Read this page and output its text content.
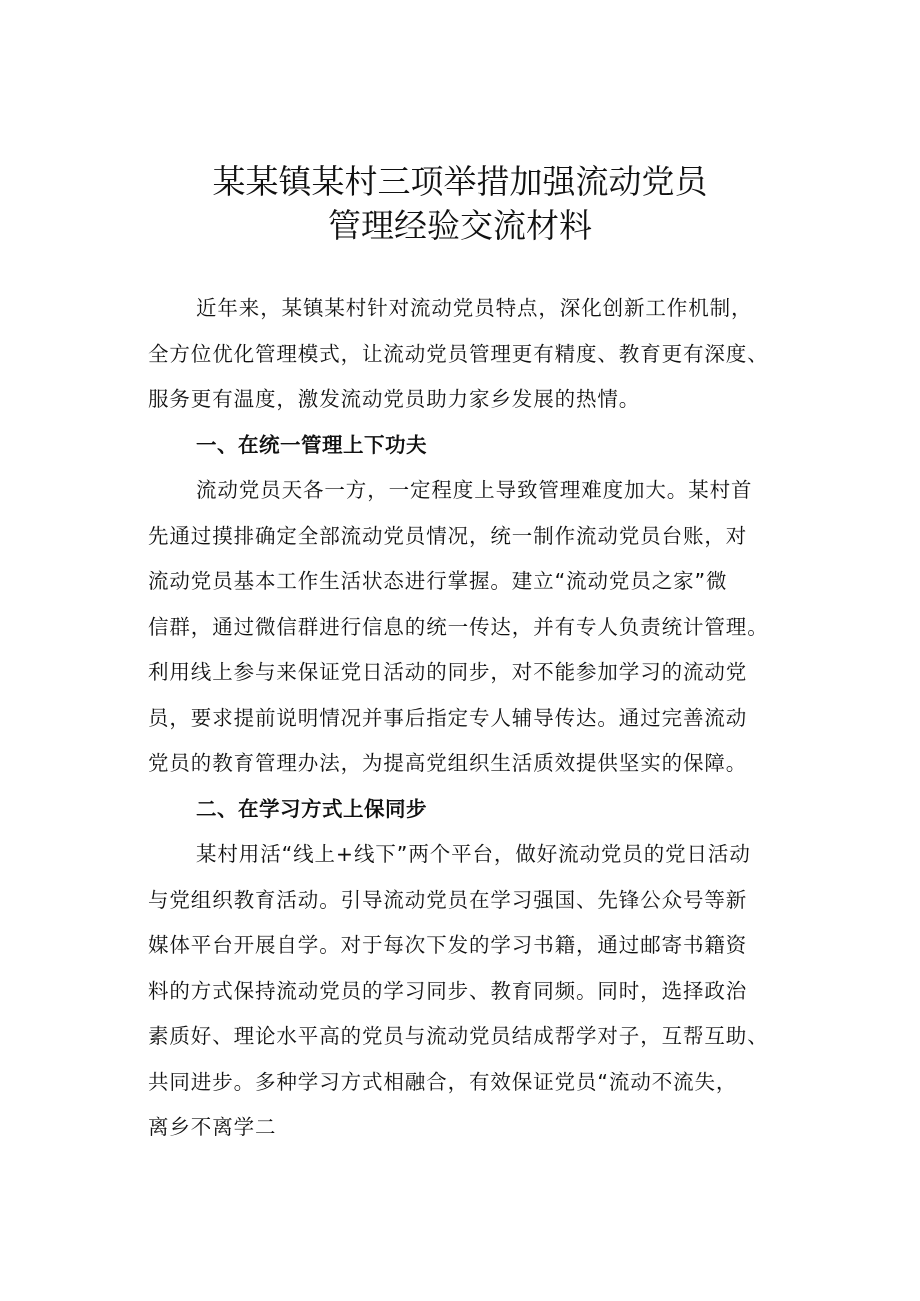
某某镇某村三项举措加强流动党员
管理经验交流材料
近年来，某镇某村针对流动党员特点，深化创新工作机制，
全方位优化管理模式，让流动党员管理更有精度、教育更有深度、
服务更有温度，激发流动党员助力家乡发展的热情。
一、在统一管理上下功夫
流动党员天各一方，一定程度上导致管理难度加大。某村首
先通过摸排确定全部流动党员情况，统一制作流动党员台账，对
流动党员基本工作生活状态进行掌握。建立“流动党员之家”微
信群，通过微信群进行信息的统一传达，并有专人负责统计管理。
利用线上参与来保证党日活动的同步，对不能参加学习的流动党
员，要求提前说明情况并事后指定专人辅导传达。通过完善流动
党员的教育管理办法，为提高党组织生活质效提供坚实的保障。
二、在学习方式上保同步
某村用活“线上+线下”两个平台，做好流动党员的党日活动
与党组织教育活动。引导流动党员在学习强国、先锋公众号等新
媒体平台开展自学。对于每次下发的学习书籍，通过邮寄书籍资
料的方式保持流动党员的学习同步、教育同频。同时，选择政治
素质好、理论水平高的党员与流动党员结成帮学对子，互帮互助、
共同进步。多种学习方式相融合，有效保证党员“流动不流失，
离乡不离学二
